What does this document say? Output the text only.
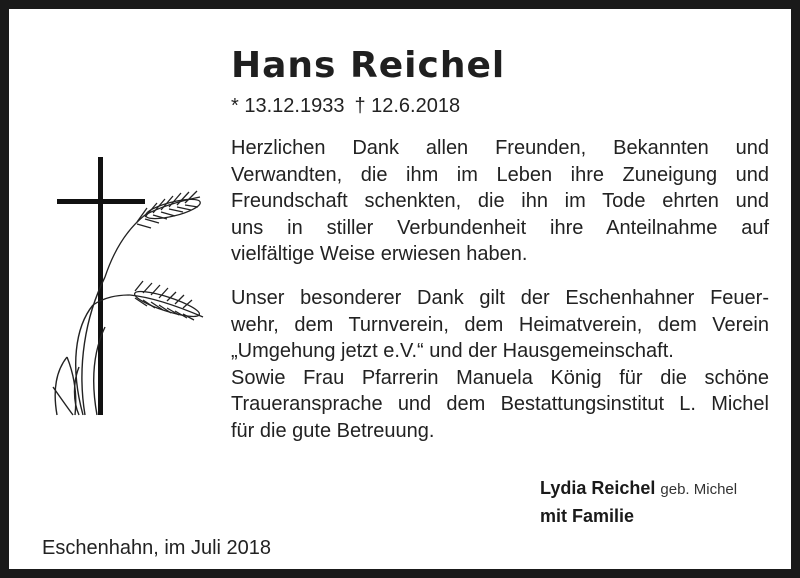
Hans Reichel
* 13.12.1933 † 12.6.2018
Herzlichen Dank allen Freunden, Bekannten und
Verwandten, die ihm im Leben ihre Zuneigung und
Freundschaft schenkten, die ihn im Tode ehrten und
uns in stiller Verbundenheit ihre Anteilnahme auf
vielfältige Weise erwiesen haben.
Unser besonderer Dank gilt der Eschenhahner Feuer-
wehr, dem Turnverein, dem Heimatverein, dem Verein
„Umgehung jetzt e.V.“ und der Hausgemeinschaft.
Sowie Frau Pfarrerin Manuela König für die schöne
Traueransprache und dem Bestattungsinstitut L. Michel
für die gute Betreuung.
Lydia Reichel geb. Michel
mit Familie
Eschenhahn, im Juli 2018
